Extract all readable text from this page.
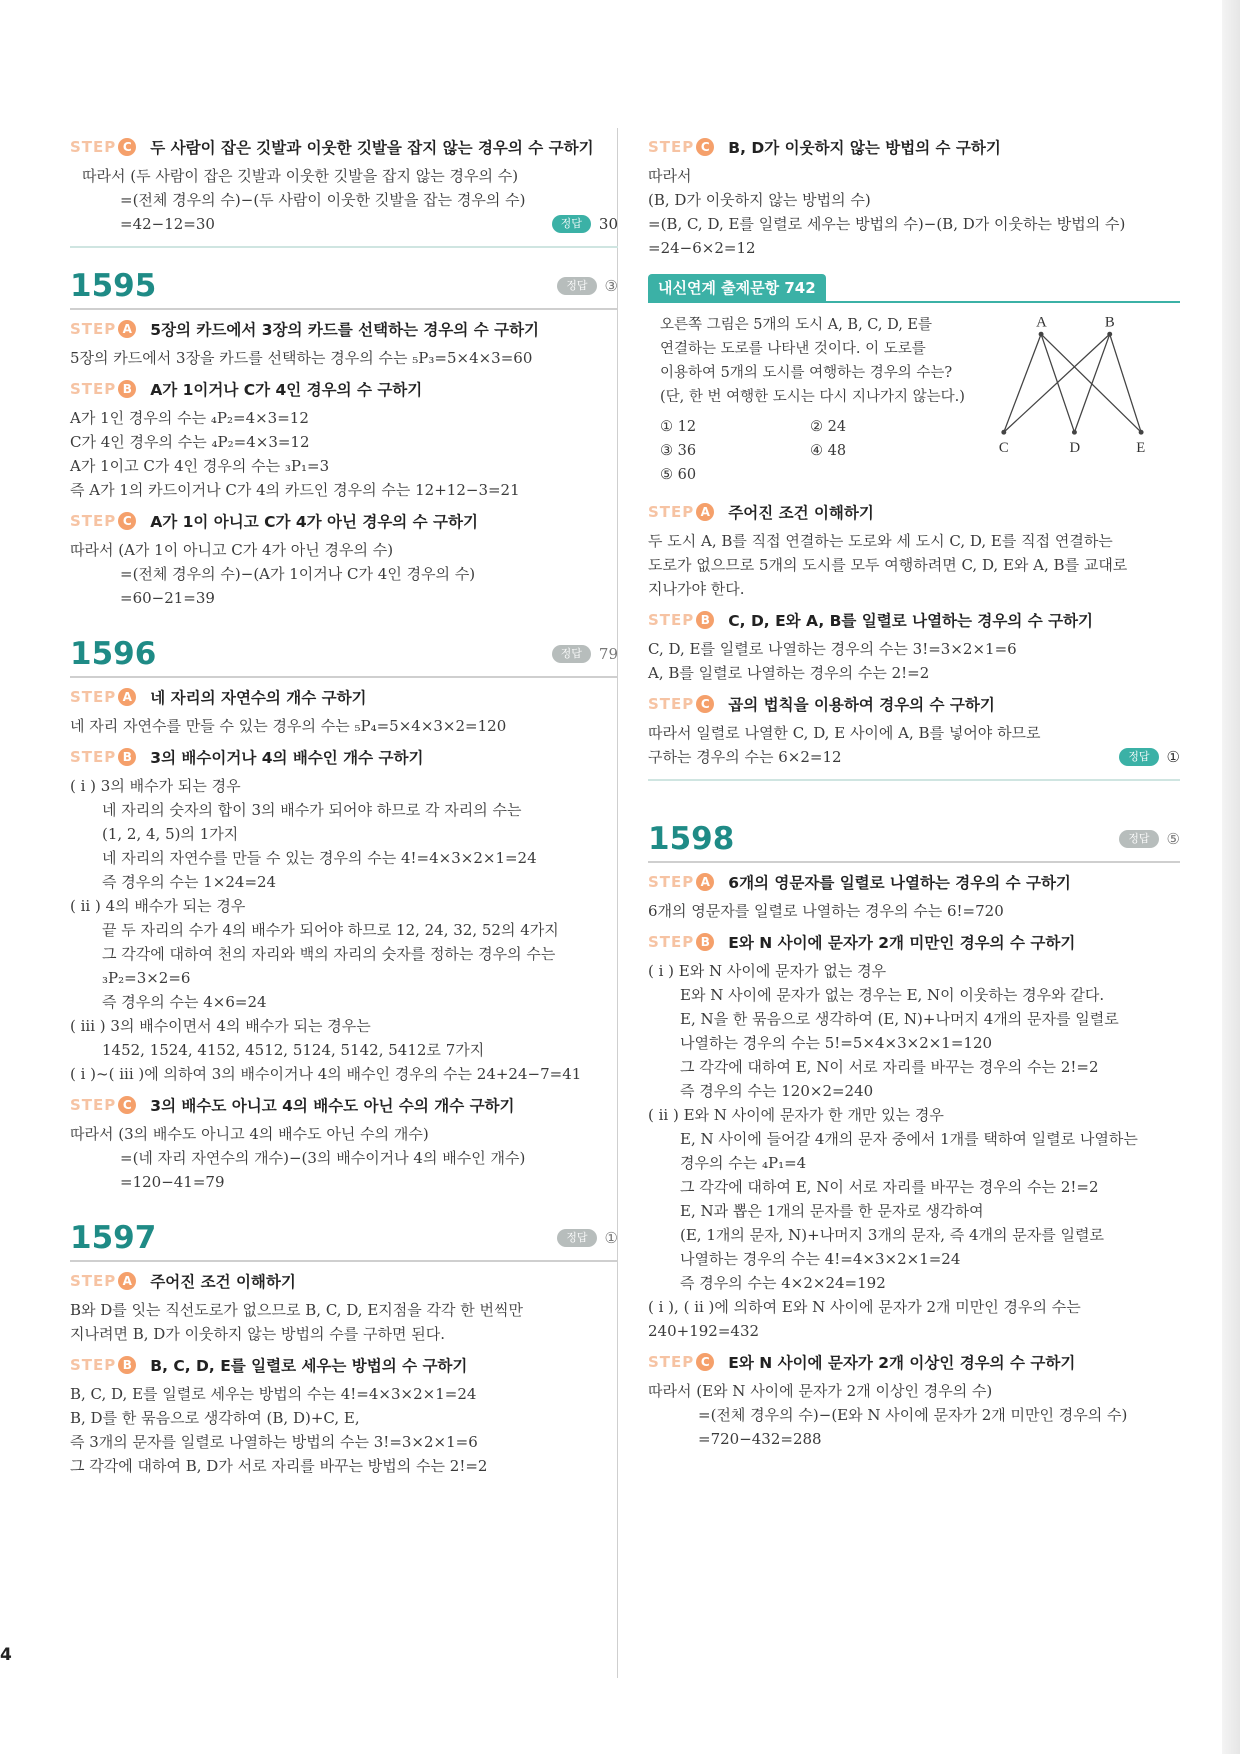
STEP C 두 사람이 잡은 깃발과 이웃한 깃발을 잡지 않는 경우의 수 구하기
따라서 (두 사람이 잡은 깃발과 이웃한 깃발을 잡지 않는 경우의 수)
=(전체 경우의 수)−(두 사람이 이웃한 깃발을 잡는 경우의 수)
=42−12=30	정답	30
1595	정답	③
STEP A 5장의 카드에서 3장의 카드를 선택하는 경우의 수 구하기
5장의 카드에서 3장을 카드를 선택하는 경우의 수는 ₅P₃=5×4×3=60
STEP B A가 1이거나 C가 4인 경우의 수 구하기
A가 1인 경우의 수는 ₄P₂=4×3=12
C가 4인 경우의 수는 ₄P₂=4×3=12
A가 1이고 C가 4인 경우의 수는 ₃P₁=3
즉 A가 1의 카드이거나 C가 4의 카드인 경우의 수는 12+12−3=21
STEP C A가 1이 아니고 C가 4가 아닌 경우의 수 구하기
따라서 (A가 1이 아니고 C가 4가 아닌 경우의 수)
=(전체 경우의 수)−(A가 1이거나 C가 4인 경우의 수)
=60−21=39
1596	정답	79
STEP A 네 자리의 자연수의 개수 구하기
네 자리 자연수를 만들 수 있는 경우의 수는 ₅P₄=5×4×3×2=120
STEP B 3의 배수이거나 4의 배수인 개수 구하기
( i ) 3의 배수가 되는 경우
네 자리의 숫자의 합이 3의 배수가 되어야 하므로 각 자리의 수는
(1, 2, 4, 5)의 1가지
네 자리의 자연수를 만들 수 있는 경우의 수는 4!=4×3×2×1=24
즉 경우의 수는 1×24=24
( ii ) 4의 배수가 되는 경우
끝 두 자리의 수가 4의 배수가 되어야 하므로 12, 24, 32, 52의 4가지
그 각각에 대하여 천의 자리와 백의 자리의 숫자를 정하는 경우의 수는
₃P₂=3×2=6
즉 경우의 수는 4×6=24
( iii ) 3의 배수이면서 4의 배수가 되는 경우는
1452, 1524, 4152, 4512, 5124, 5142, 5412로 7가지
( i )~( iii )에 의하여 3의 배수이거나 4의 배수인 경우의 수는 24+24−7=41
STEP C 3의 배수도 아니고 4의 배수도 아닌 수의 개수 구하기
따라서 (3의 배수도 아니고 4의 배수도 아닌 수의 개수)
=(네 자리 자연수의 개수)−(3의 배수이거나 4의 배수인 개수)
=120−41=79
1597	정답	①
STEP A 주어진 조건 이해하기
B와 D를 잇는 직선도로가 없으므로 B, C, D, E지점을 각각 한 번씩만
지나려면 B, D가 이웃하지 않는 방법의 수를 구하면 된다.
STEP B B, C, D, E를 일렬로 세우는 방법의 수 구하기
B, C, D, E를 일렬로 세우는 방법의 수는 4!=4×3×2×1=24
B, D를 한 묶음으로 생각하여 (B, D)+C, E,
즉 3개의 문자를 일렬로 나열하는 방법의 수는 3!=3×2×1=6
그 각각에 대하여 B, D가 서로 자리를 바꾸는 방법의 수는 2!=2
STEP C B, D가 이웃하지 않는 방법의 수 구하기
따라서
(B, D가 이웃하지 않는 방법의 수)
=(B, C, D, E를 일렬로 세우는 방법의 수)−(B, D가 이웃하는 방법의 수)
=24−6×2=12
내신연계 출제문항 742
오른쪽 그림은 5개의 도시 A, B, C, D, E를
연결하는 도로를 나타낸 것이다. 이 도로를
이용하여 5개의 도시를 여행하는 경우의 수는?
(단, 한 번 여행한 도시는 다시 지나가지 않는다.)
① 12	② 24
③ 36	④ 48
⑤ 60
A	B
C	D	E
STEP A 주어진 조건 이해하기
두 도시 A, B를 직접 연결하는 도로와 세 도시 C, D, E를 직접 연결하는
도로가 없으므로 5개의 도시를 모두 여행하려면 C, D, E와 A, B를 교대로
지나가야 한다.
STEP B C, D, E와 A, B를 일렬로 나열하는 경우의 수 구하기
C, D, E를 일렬로 나열하는 경우의 수는 3!=3×2×1=6
A, B를 일렬로 나열하는 경우의 수는 2!=2
STEP C 곱의 법칙을 이용하여 경우의 수 구하기
따라서 일렬로 나열한 C, D, E 사이에 A, B를 넣어야 하므로
구하는 경우의 수는 6×2=12	정답	①
1598	정답	⑤
STEP A 6개의 영문자를 일렬로 나열하는 경우의 수 구하기
6개의 영문자를 일렬로 나열하는 경우의 수는 6!=720
STEP B E와 N 사이에 문자가 2개 미만인 경우의 수 구하기
( i ) E와 N 사이에 문자가 없는 경우
E와 N 사이에 문자가 없는 경우는 E, N이 이웃하는 경우와 같다.
E, N을 한 묶음으로 생각하여 (E, N)+나머지 4개의 문자를 일렬로
나열하는 경우의 수는 5!=5×4×3×2×1=120
그 각각에 대하여 E, N이 서로 자리를 바꾸는 경우의 수는 2!=2
즉 경우의 수는 120×2=240
( ii ) E와 N 사이에 문자가 한 개만 있는 경우
E, N 사이에 들어갈 4개의 문자 중에서 1개를 택하여 일렬로 나열하는
경우의 수는 ₄P₁=4
그 각각에 대하여 E, N이 서로 자리를 바꾸는 경우의 수는 2!=2
E, N과 뽑은 1개의 문자를 한 문자로 생각하여
(E, 1개의 문자, N)+나머지 3개의 문자, 즉 4개의 문자를 일렬로
나열하는 경우의 수는 4!=4×3×2×1=24
즉 경우의 수는 4×2×24=192
( i ), ( ii )에 의하여 E와 N 사이에 문자가 2개 미만인 경우의 수는
240+192=432
STEP C E와 N 사이에 문자가 2개 이상인 경우의 수 구하기
따라서 (E와 N 사이에 문자가 2개 이상인 경우의 수)
=(전체 경우의 수)−(E와 N 사이에 문자가 2개 미만인 경우의 수)
=720−432=288
4
